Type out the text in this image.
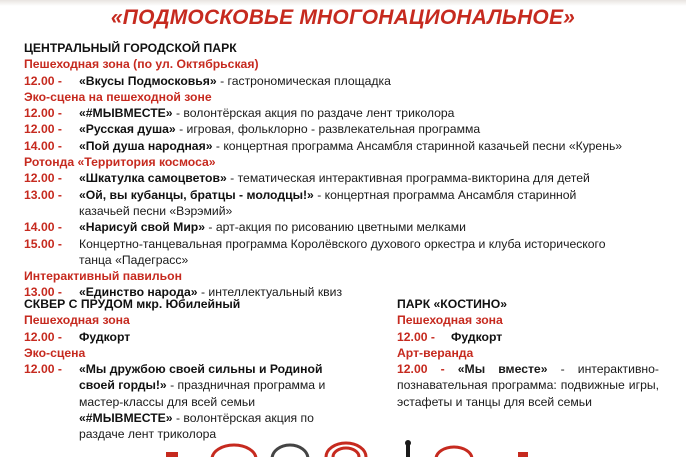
«ПОДМОСКОВЬЕ МНОГОНАЦИОНАЛЬНОЕ»
ЦЕНТРАЛЬНЫЙ ГОРОДСКОЙ ПАРК
Пешеходная зона (по ул. Октябрьская)
12.00 -	«Вкусы Подмосковья» - гастрономическая площадка
Эко-сцена на пешеходной зоне
12.00 -	«#МЫВМЕСТЕ» - волонтёрская акция по раздаче лент триколора
12.00 -	«Русская душа» - игровая, фольклорно - развлекательная программа
14.00 -	«Пой душа народная» - концертная программа Ансамбля старинной казачьей песни «Курень»
Ротонда «Территория космоса»
12.00 -	«Шкатулка самоцветов» - тематическая интерактивная программа-викторина для детей
13.00 -	«Ой, вы кубанцы, братцы - молодцы!» - концертная программа Ансамбля старинной казачьей песни «Вэрэмий»
14.00 -	«Нарисуй свой Мир» - арт-акция по рисованию цветными мелками
15.00 -	Концертно-танцевальная программа Королёвского духового оркестра и клуба исторического танца «Падеграсс»
Интерактивный павильон
13.00 -	«Единство народа» - интеллектуальный квиз
СКВЕР С ПРУДОМ мкр. Юбилейный
Пешеходная зона
12.00 -	Фудкорт
Эко-сцена
12.00 -	«Мы дружбою своей сильны и Родиной своей горды!» - праздничная программа и мастер-классы для всей семьи «#МЫВМЕСТЕ» - волонтёрская акция по раздаче лент триколора
ПАРК «КОСТИНО»
Пешеходная зона
12.00 -	Фудкорт
Арт-веранда
12.00 - «Мы вместе» - интерактивно-познавательная программа: подвижные игры, эстафеты и танцы для всей семьи
